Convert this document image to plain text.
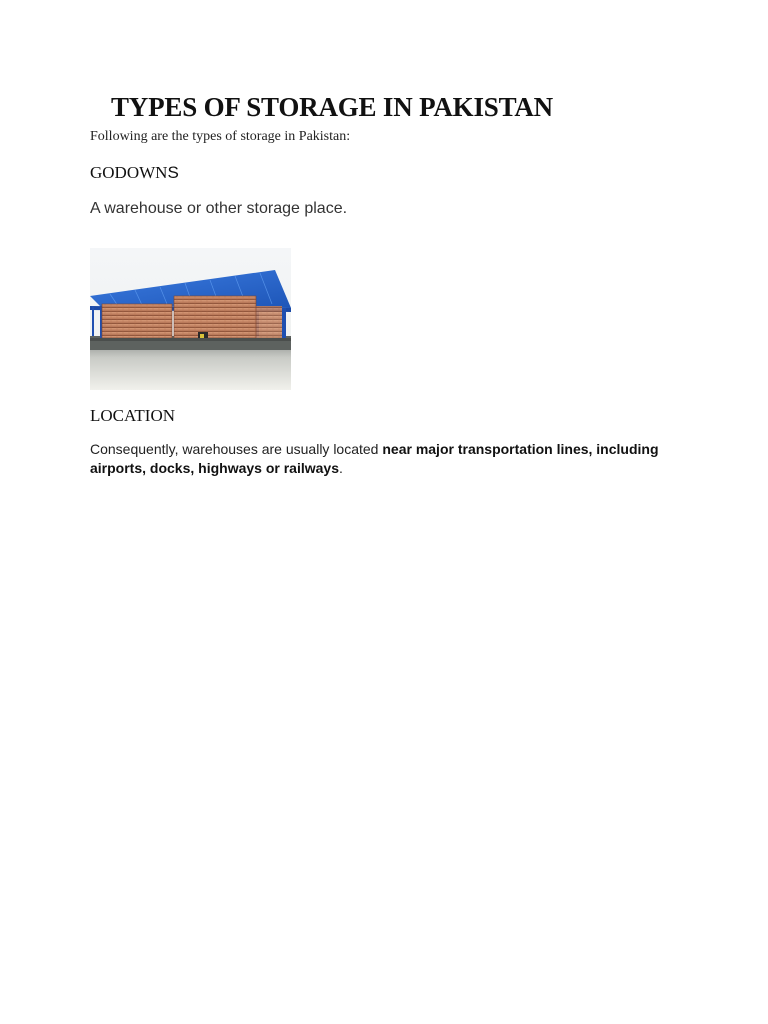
TYPES OF STORAGE IN PAKISTAN

Following are the types of storage in Pakistan:

GODOWNS

A warehouse or other storage place.

LOCATION

Consequently, warehouses are usually located near major transportation lines, including airports, docks, highways or railways.
